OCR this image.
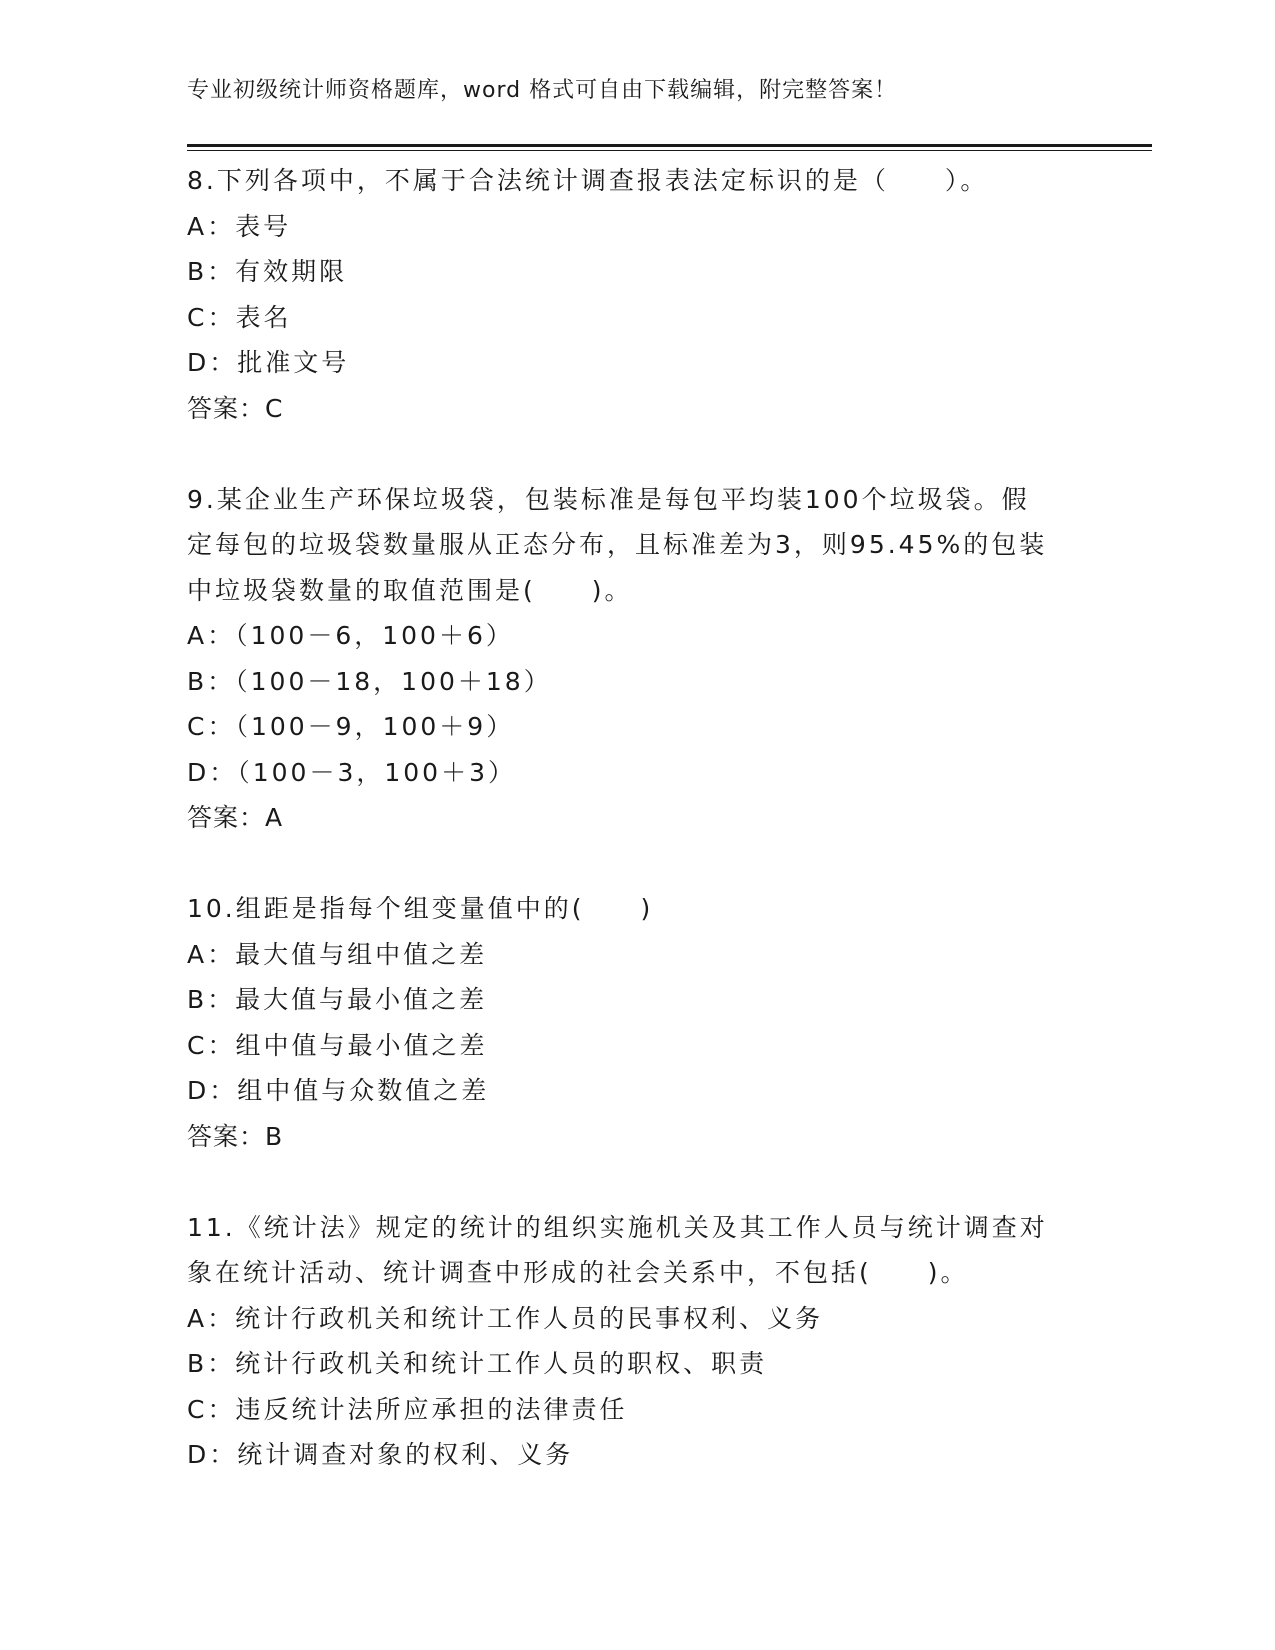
专业初级统计师资格题库，word 格式可自由下载编辑，附完整答案！
8.下列各项中，不属于合法统计调查报表法定标识的是（　　）。
A：表号
B：有效期限
C：表名
D：批准文号
答案：C
9.某企业生产环保垃圾袋，包装标准是每包平均装100个垃圾袋。假
定每包的垃圾袋数量服从正态分布，且标准差为3，则95.45%的包装
中垃圾袋数量的取值范围是(　　)。
A：（100－6，100＋6）
B：（100－18，100＋18）
C：（100－9，100＋9）
D：（100－3，100＋3）
答案：A
10.组距是指每个组变量值中的(　　)
A：最大值与组中值之差
B：最大值与最小值之差
C：组中值与最小值之差
D：组中值与众数值之差
答案：B
11.《统计法》规定的统计的组织实施机关及其工作人员与统计调查对
象在统计活动、统计调查中形成的社会关系中，不包括(　　)。
A：统计行政机关和统计工作人员的民事权利、义务
B：统计行政机关和统计工作人员的职权、职责
C：违反统计法所应承担的法律责任
D：统计调查对象的权利、义务
